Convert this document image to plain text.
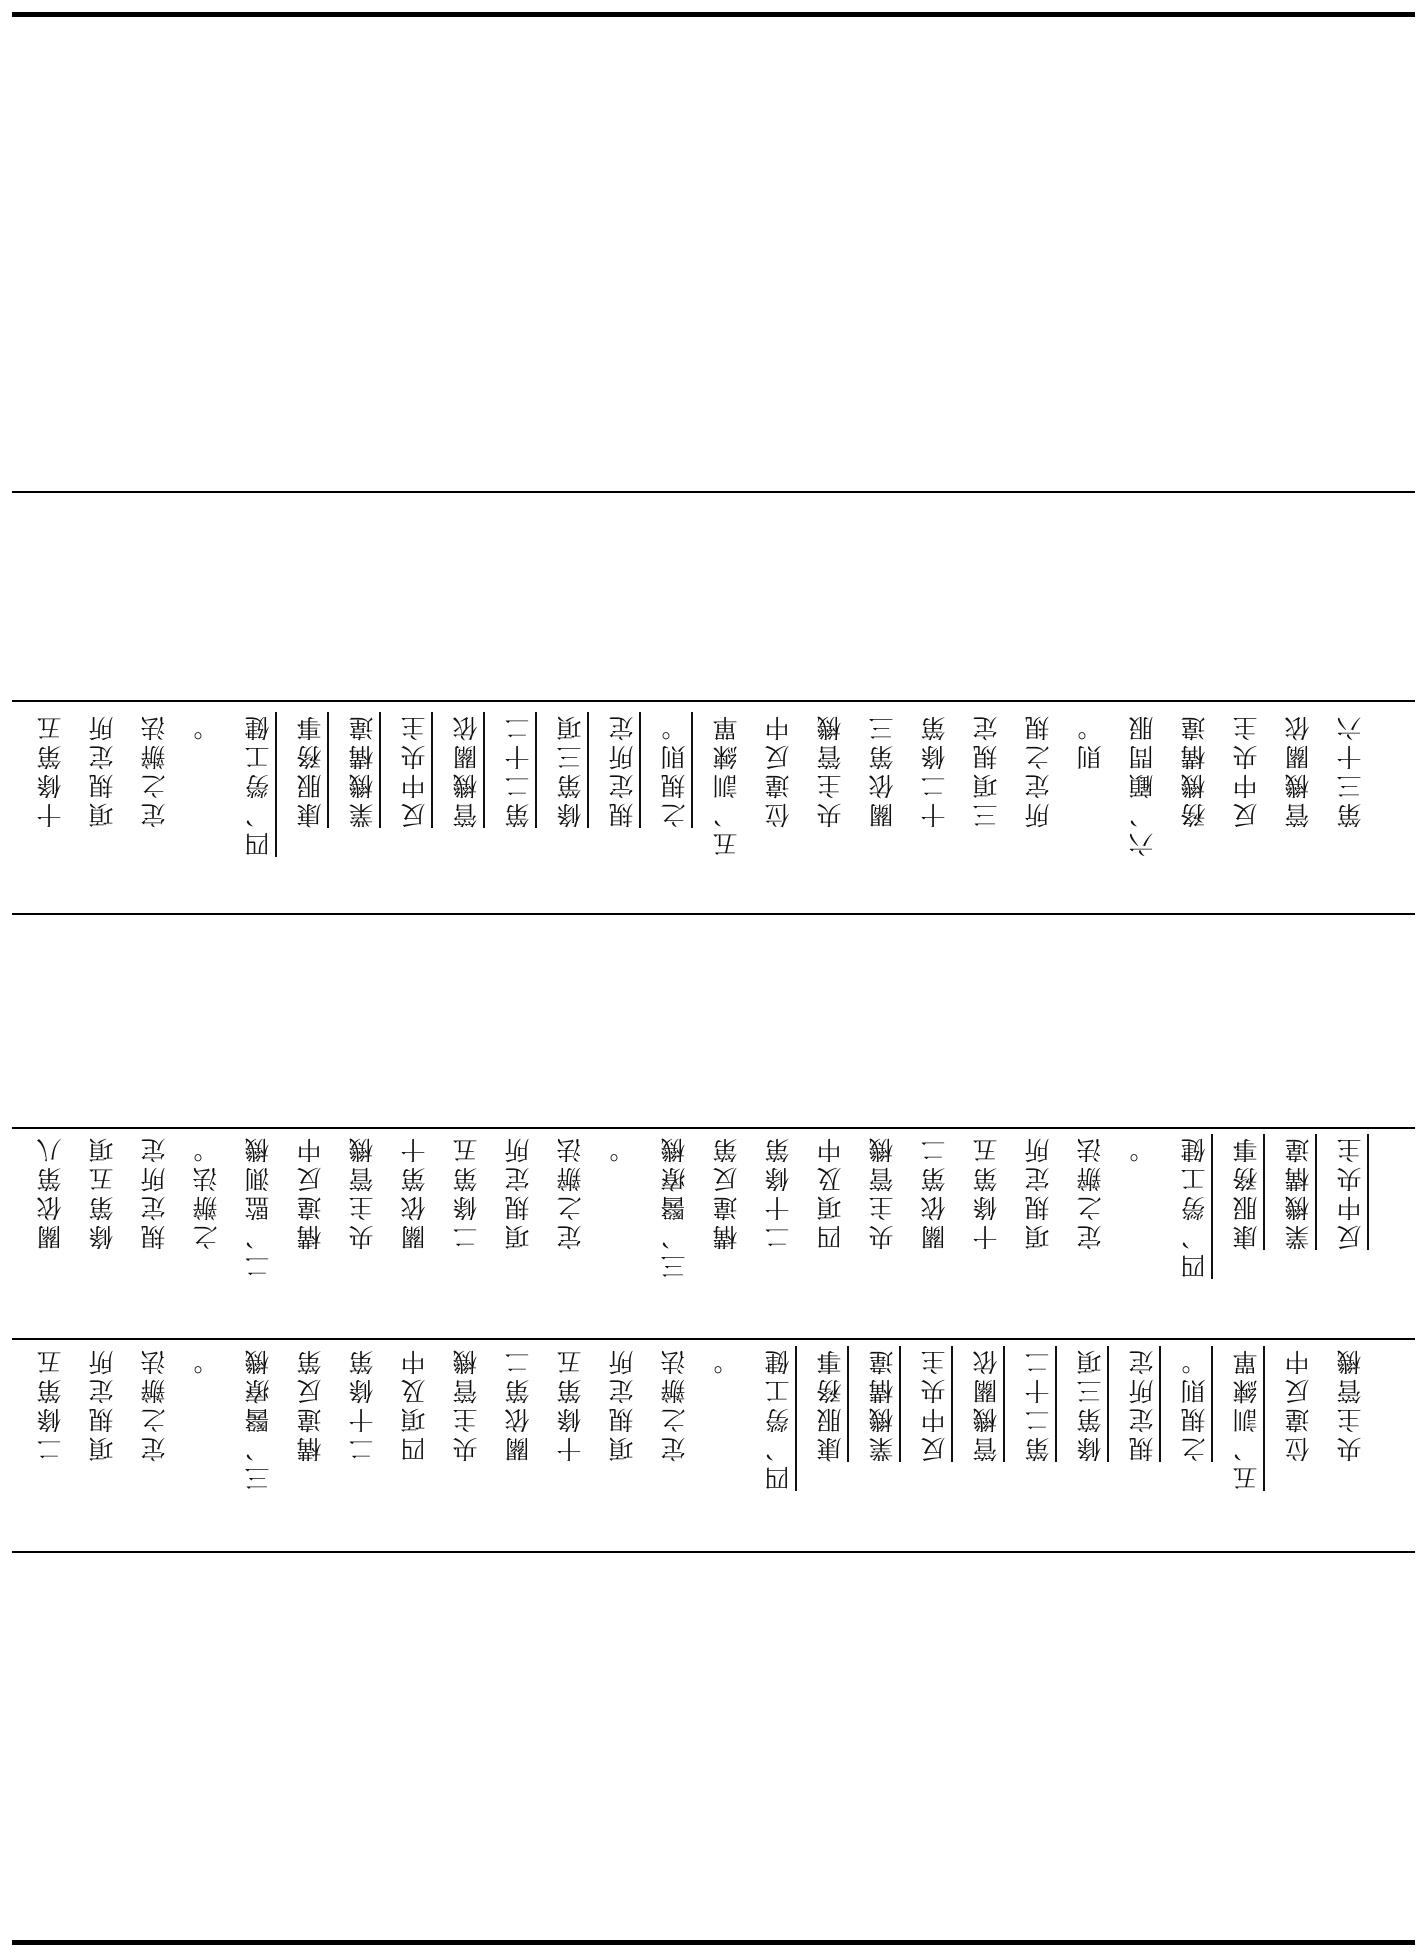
十條第五 項規定所 定之辦法 。 四、勞工健 康服務事 業機構違 反中央主 管機關依 第二十二 條第三項 規定所定 之規則。 五、訓練單 位違反中 央主管機 關依第三 十二條第 三項規定 所定之規 則。 六、顧問服 務機構違 反中央主 管機關依 第三十六
關依第八 條第五項 規定所定 之辦法。 二、監測機 構違反中 央主管機 關依第十 二條第五 項規定所 定之辦法 。 三、醫療機 構違反第 二十條第 四項及中 央主管機 關依第二 十條第五 項規定所 定之辦法 。 四、勞工健 康服務事 業機構違 反中央主
二條第五 項規定所 定之辦法 。 三、醫療機 構違反第 二十條第 四項及中 央主管機 關依第二 十條第五 項規定所 定之辦法 。 四、勞工健 康服務事 業機構違 反中央主 管機關依 第二十二 條第三項 規定所定 之規則。 五、訓練單 位違反中 央主管機
